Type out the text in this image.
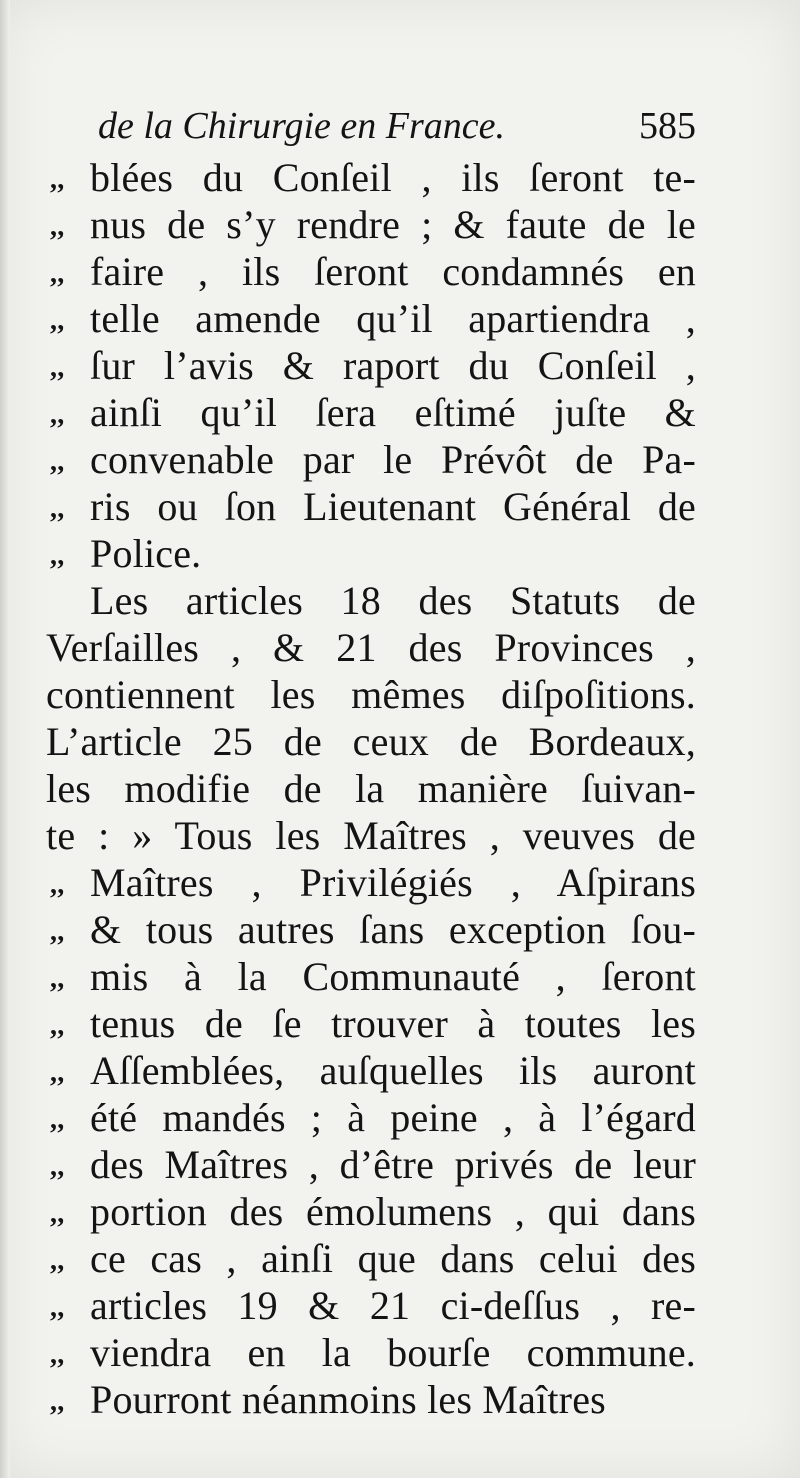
de la Chirurgie en France.	585
,, blées du Conſeil , ils ſeront te-
,, nus de s’y rendre ; & faute de le
,, faire , ils ſeront condamnés en
,, telle amende qu’il apartiendra ,
,, ſur l’avis & raport du Conſeil ,
,, ainſi qu’il ſera eſtimé juſte &
,, convenable par le Prévôt de Pa-
,, ris ou ſon Lieutenant Général de
,, Police.
Les articles 18 des Statuts de
Verſailles , & 21 des Provinces ,
contiennent les mêmes diſpoſitions.
L’article 25 de ceux de Bordeaux,
les modifie de la manière ſuivan-
te : » Tous les Maîtres , veuves de
,, Maîtres , Privilégiés , Aſpirans
,, & tous autres ſans exception ſou-
,, mis à la Communauté , ſeront
,, tenus de ſe trouver à toutes les
,, Aſſemblées, auſquelles ils auront
,, été mandés ; à peine , à l’égard
,, des Maîtres , d’être privés de leur
,, portion des émolumens , qui dans
,, ce cas , ainſi que dans celui des
,, articles 19 & 21 ci-deſſus , re-
,, viendra en la bourſe commune.
,, Pourront néanmoins les Maîtres
